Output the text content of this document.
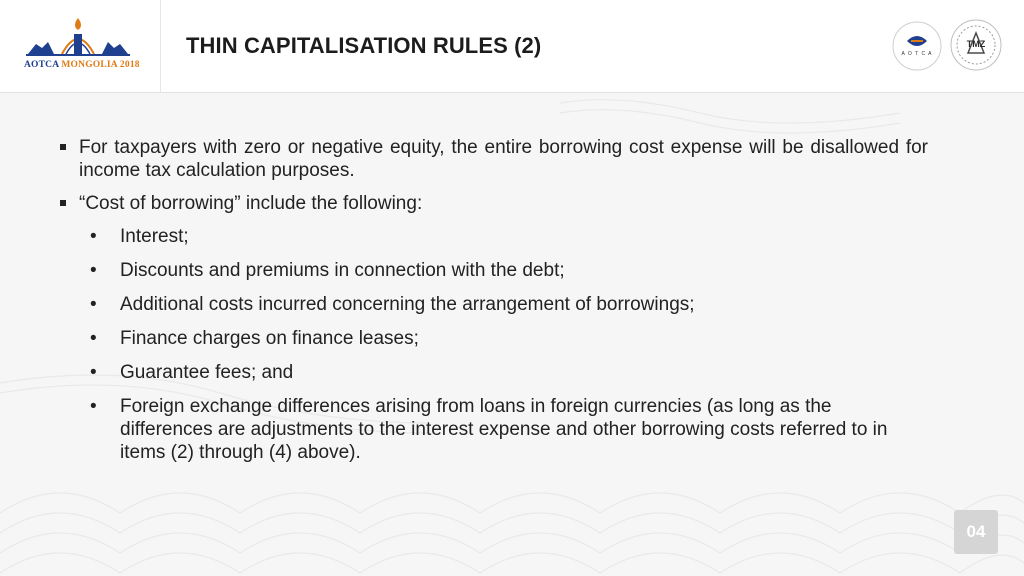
AOTCA MONGOLIA 2018
THIN CAPITALISATION RULES (2)	A O T C A
TMZ
For taxpayers with zero or negative equity, the entire borrowing cost expense will be disallowed for income tax calculation purposes.
“Cost of borrowing” include the following:
• Interest;
• Discounts and premiums in connection with the debt;
• Additional costs incurred concerning the arrangement of borrowings;
• Finance charges on finance leases;
• Guarantee fees; and
• Foreign exchange differences arising from loans in foreign currencies (as long as the differences are adjustments to the interest expense and other borrowing costs referred to in items (2) through (4) above).
04
